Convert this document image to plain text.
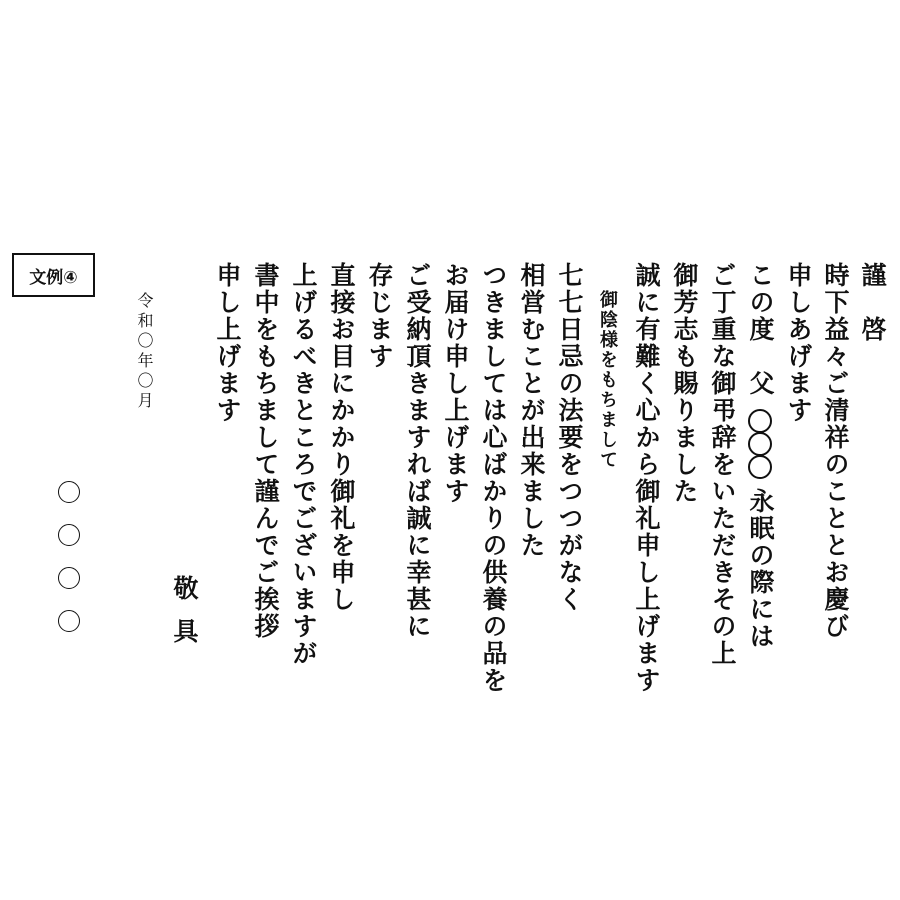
文例④	謹　啓
時下益々ご清祥のこととお慶び
申しあげます
この度　父
永眠の際には
ご丁重な御弔辞をいただきその上
御芳志も賜りました
誠に有難く心から御礼申し上げます
御陰様をもちまして
七七日忌の法要をつつがなく
相営むことが出来ました
つきましては心ばかりの供養の品を
お届け申し上げます
ご受納頂きますれば誠に幸甚に
存じます
直接お目にかかり御礼を申し
上げるべきところでございますが
書中をもちまして謹んでご挨拶
申し上げます
敬具
令和〇年〇月
